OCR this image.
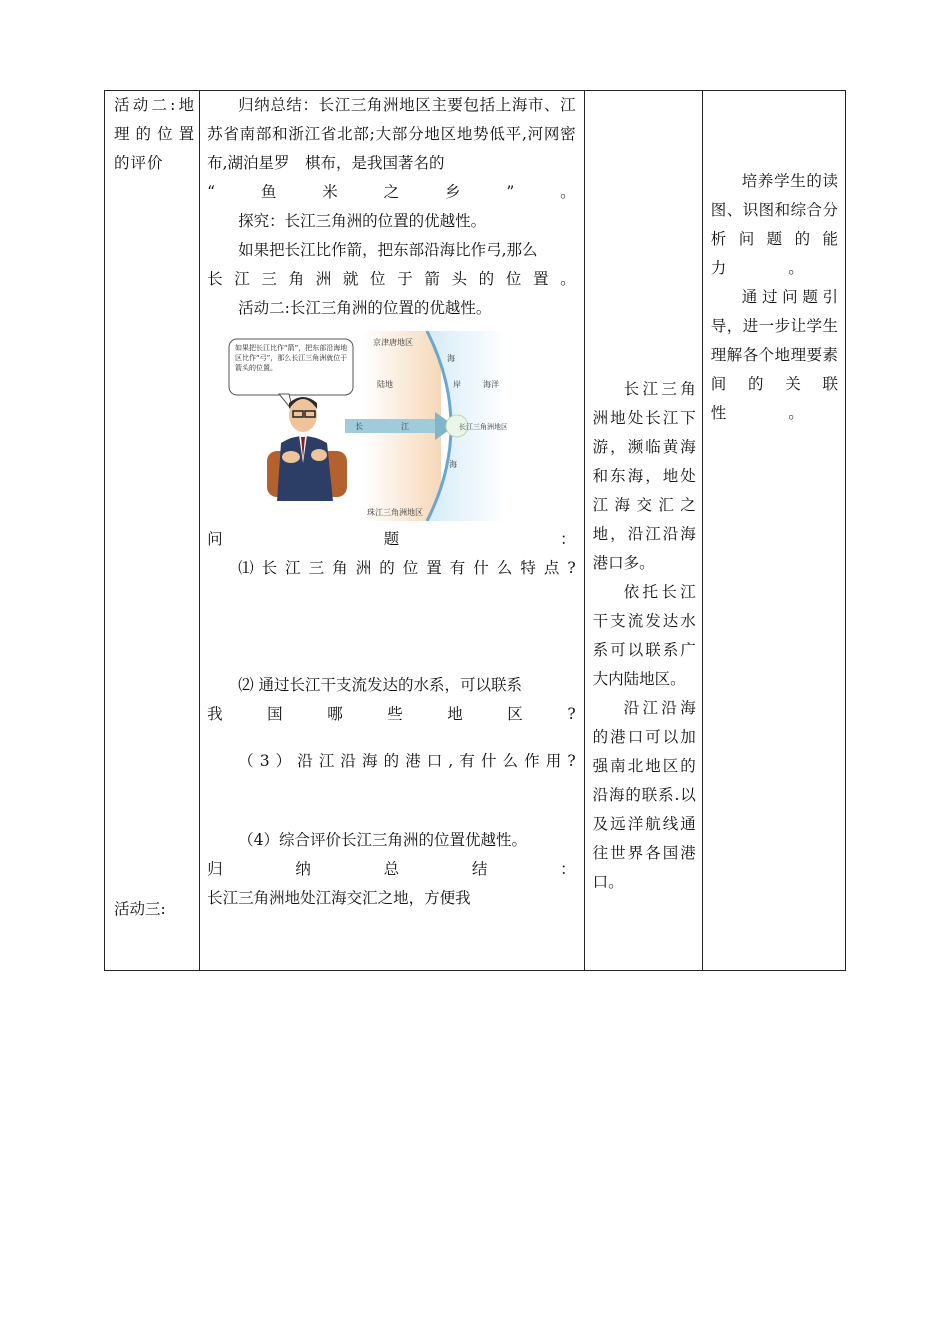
活动二:地理的位置的评价
活动三:

归纳总结：长江三角洲地区主要包括上海市、江苏省南部和浙江省北部;大部分地区地势低平,河网密布,湖泊星罗　棋布，是我国著名的
“　　鱼　　米　　之　　乡　　”　　。
探究：长江三角洲的位置的优越性。
如果把长江比作箭，把东部沿海比作弓,那么
长江三角洲就位于箭头的位置。
活动二:长江三角洲的位置的优越性。
京津唐地区
陆地
海
岸	海洋
长	江	长江三角洲地区
海
珠江三角洲地区
如果把长江比作“箭”，把东部沿海地区比作“弓”，那么长江三角洲就位于箭头的位置。
问题：
⑴长江三角洲的位置有什么特点?
⑵ 通过长江干支流发达的水系，可以联系
我国哪些地区?
（3）沿江沿海的港口,有什么作用?
（4）综合评价长江三角洲的位置优越性。
归纳总结：
长江三角洲地处江海交汇之地，方便我

长江三角洲地处长江下游，濒临黄海和东海，地处江海交汇之地，沿江沿海港口多。
依托长江干支流发达水系可以联系广大内陆地区。
沿江沿海的港口可以加强南北地区的沿海的联系.以及远洋航线通往世界各国港口。

培养学生的读图、识图和综合分析问题的能力　　　　。
通过问题引导，进一步让学生理解各个地理要素间的关联性　　　　。
